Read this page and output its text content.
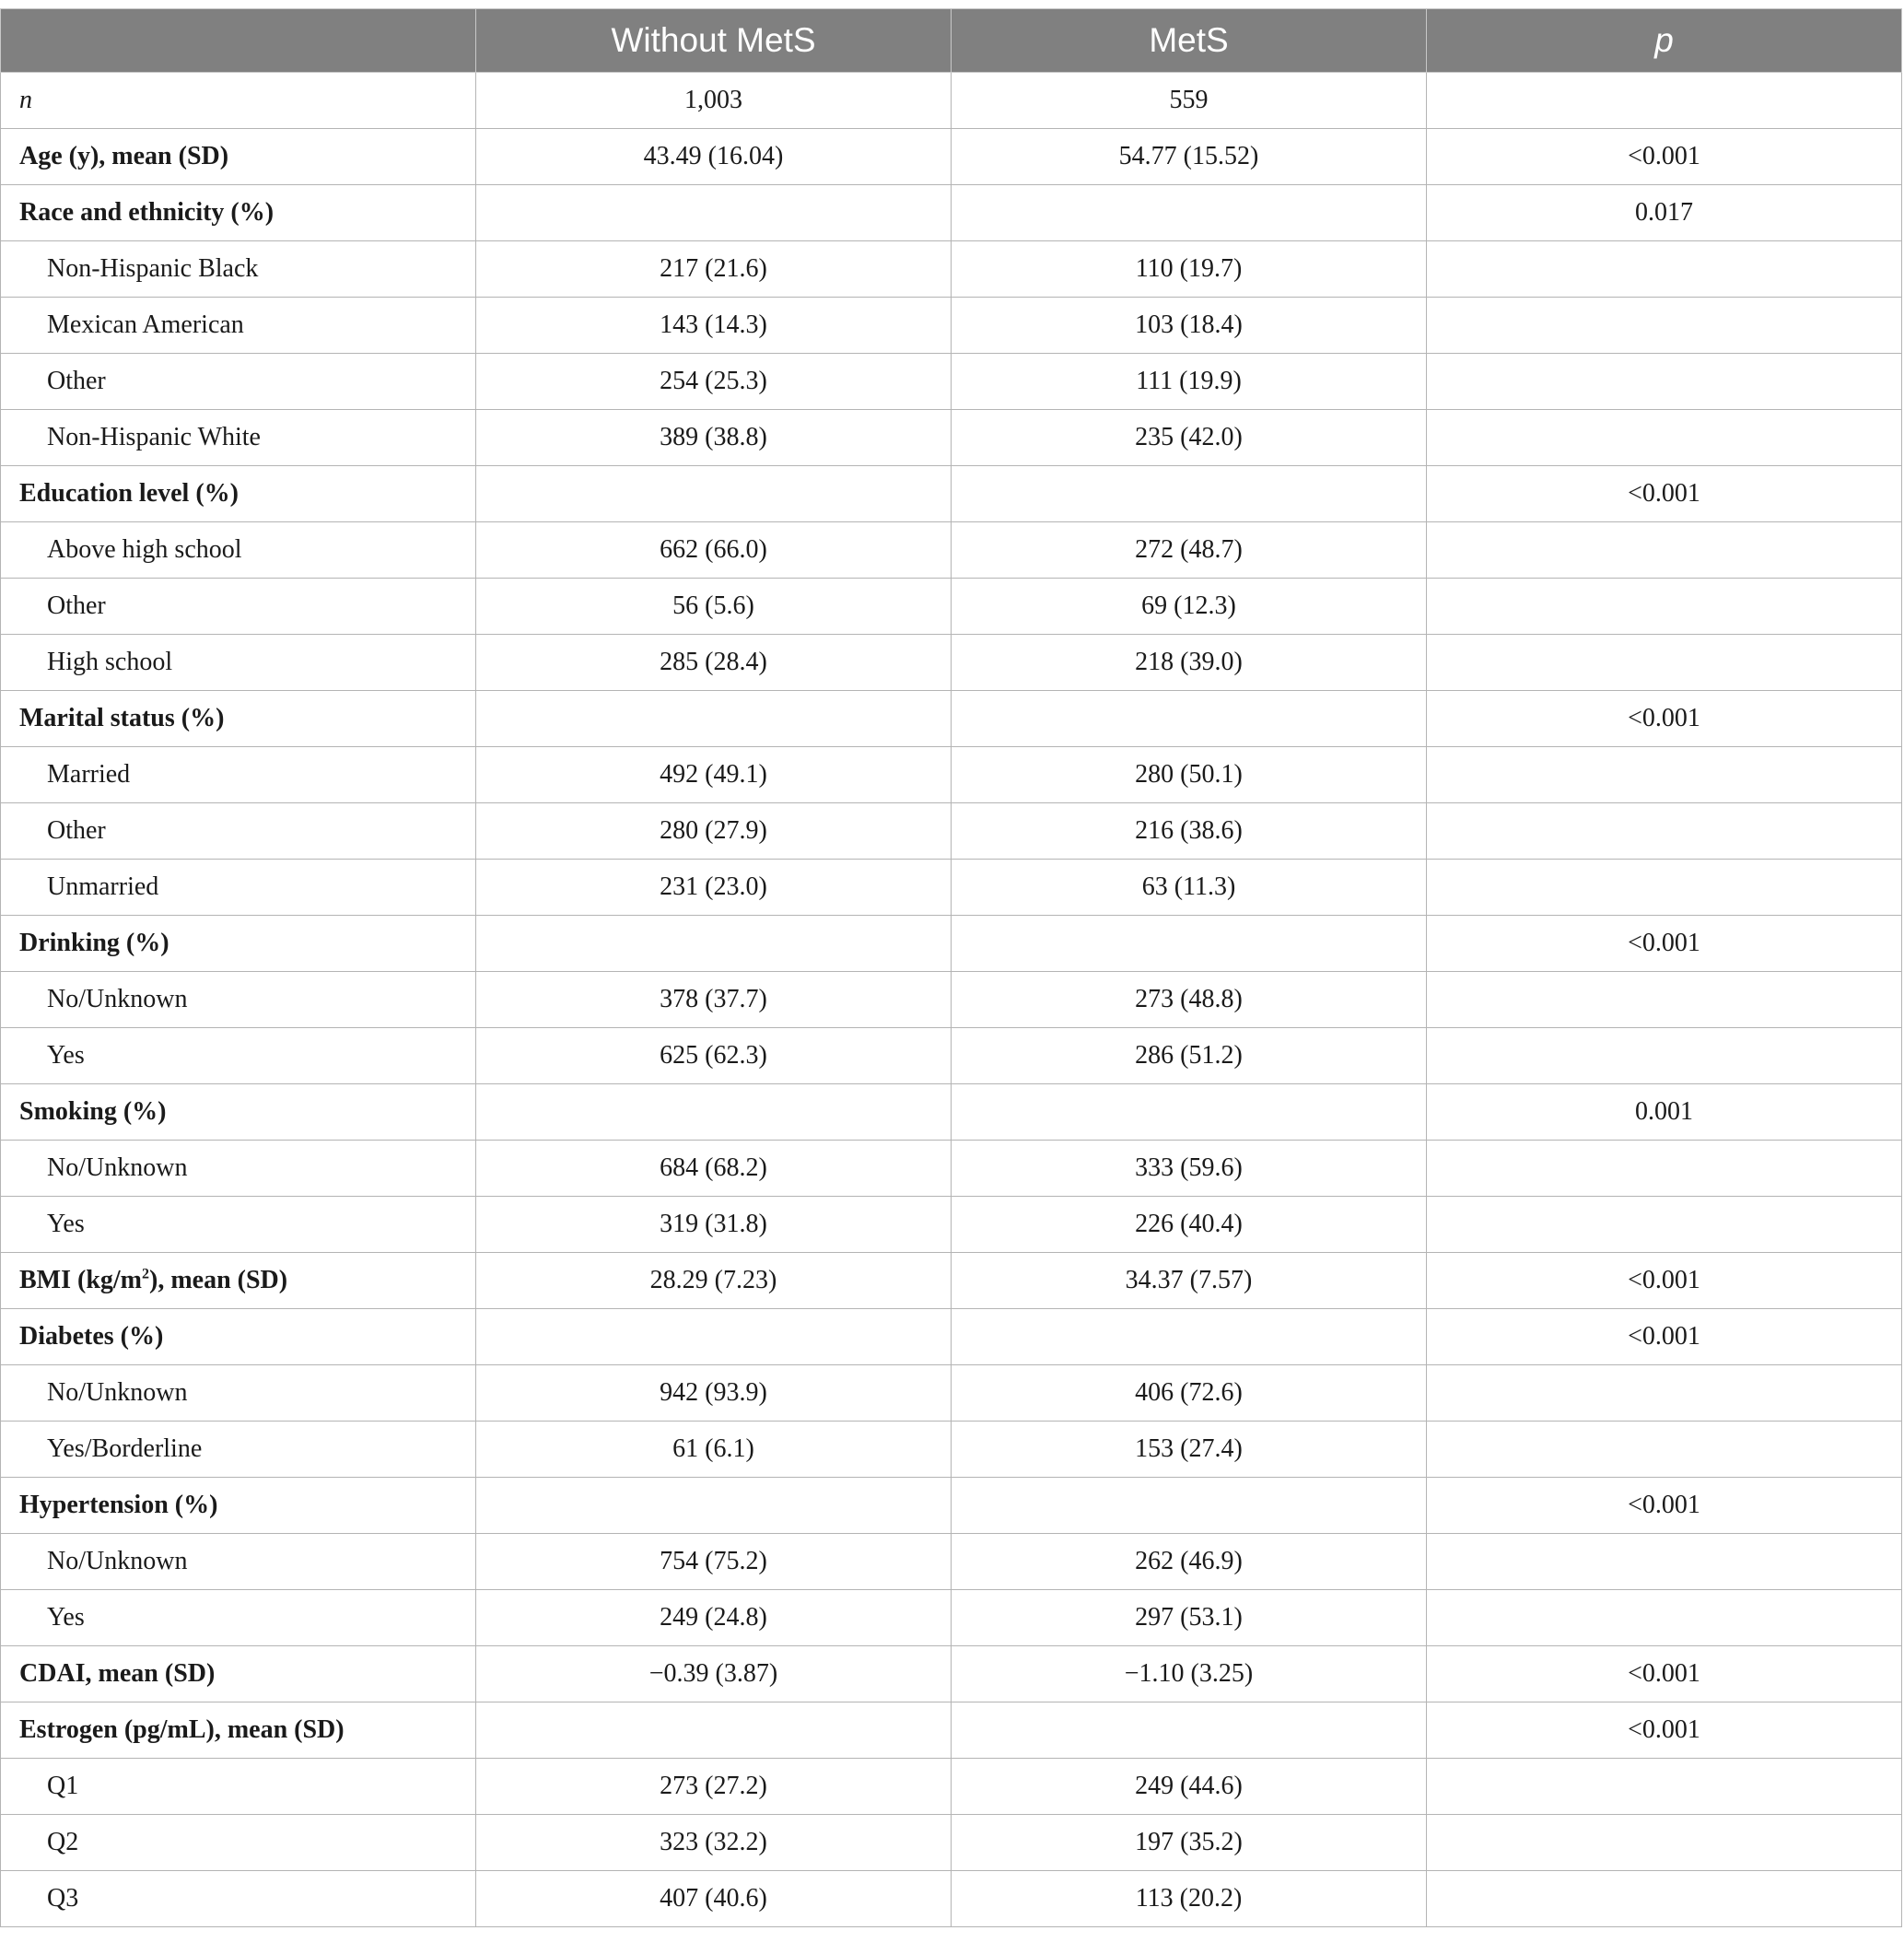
	Without MetS	MetS	p
n	1,003	559	
Age (y), mean (SD)	43.49 (16.04)	54.77 (15.52)	<0.001
Race and ethnicity (%)			0.017
Non-Hispanic Black	217 (21.6)	110 (19.7)	
Mexican American	143 (14.3)	103 (18.4)	
Other	254 (25.3)	111 (19.9)	
Non-Hispanic White	389 (38.8)	235 (42.0)	
Education level (%)			<0.001
Above high school	662 (66.0)	272 (48.7)	
Other	56 (5.6)	69 (12.3)	
High school	285 (28.4)	218 (39.0)	
Marital status (%)			<0.001
Married	492 (49.1)	280 (50.1)	
Other	280 (27.9)	216 (38.6)	
Unmarried	231 (23.0)	63 (11.3)	
Drinking (%)			<0.001
No/Unknown	378 (37.7)	273 (48.8)	
Yes	625 (62.3)	286 (51.2)	
Smoking (%)			0.001
No/Unknown	684 (68.2)	333 (59.6)	
Yes	319 (31.8)	226 (40.4)	
BMI $(kg/m^2)$, mean (SD)	28.29 (7.23)	34.37 (7.57)	<0.001
Diabetes (%)			<0.001
No/Unknown	942 (93.9)	406 (72.6)	
Yes/Borderline	61 (6.1)	153 (27.4)	
Hypertension (%)			<0.001
No/Unknown	754 (75.2)	262 (46.9)	
Yes	249 (24.8)	297 (53.1)	
CDAI, mean (SD)	−0.39 (3.87)	−1.10 (3.25)	<0.001
Estrogen (pg/mL), mean (SD)			<0.001
Q1	273 (27.2)	249 (44.6)	
Q2	323 (32.2)	197 (35.2)	
Q3	407 (40.6)	113 (20.2)	
